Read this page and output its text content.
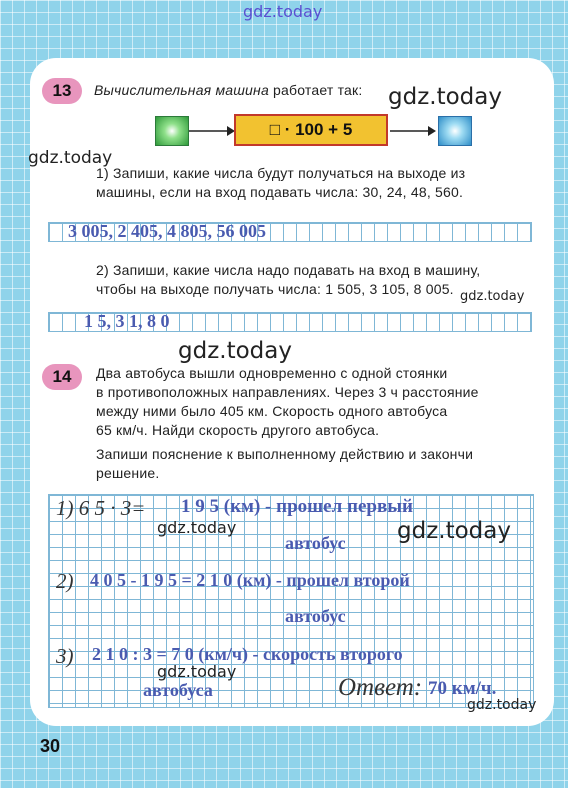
gdz.today
13	Вычислительная машина работает так: gdz.today
□ · 100 + 5
gdz.today
1) Запиши, какие числа будут получаться на выходе из
машины, если на вход подавать числа: 30, 24, 48, 560.
3 005, 2 405, 4 805, 56 005
2) Запиши, какие числа надо подавать на вход в машину,
чтобы на выходе получать числа: 1 505, 3 105, 8 005. gdz.today
1 5, 3 1, 8 0
gdz.today
14	Два автобуса вышли одновременно с одной стоянки
в противоположных направлениях. Через 3 ч расстояние
между ними было 405 км. Скорость одного автобуса
65 км/ч. Найди скорость другого автобуса.
Запиши пояснение к выполненному действию и закончи
решение.
1) 6 5 · 3= 1 9 5 (км) - прошел первый
gdz.today	gdz.today
автобус
2) 4 0 5 - 1 9 5 = 2 1 0 (км) - прошел второй
автобус
3) 2 1 0 : 3 = 7 0 (км/ч) - скорость второго
gdz.today
автобуса	Ответ: 70 км/ч.
gdz.today
30
